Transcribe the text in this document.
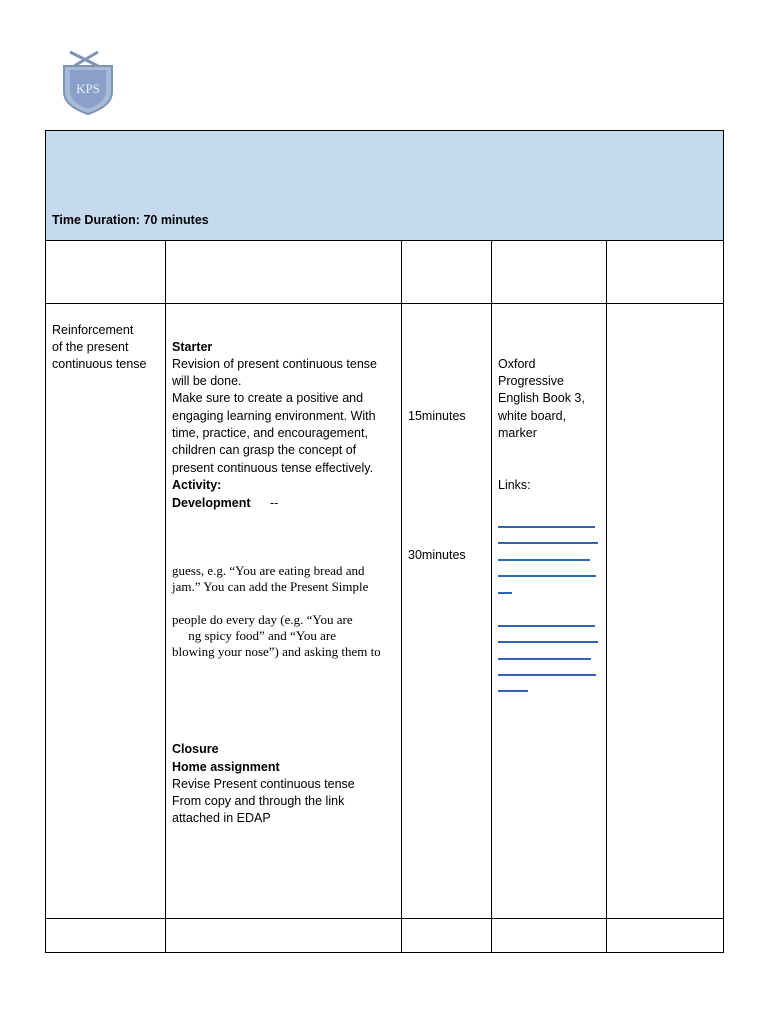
KPS
Time Duration: 70 minutes
Reinforcement
of the present
continuous tense
Starter
Revision of present continuous tense
will be done.
Make sure to create a positive and
engaging learning environment. With
time, practice, and encouragement,
children can grasp the concept of
present continuous tense effectively.
Activity:
Development --
guess, e.g. “You are eating bread and
jam.” You can add the Present Simple
people do every day (e.g. “You are
ng spicy food” and “You are
blowing your nose”) and asking them to
Closure
Home assignment
Revise Present continuous tense
From copy and through the link
attached in EDAP
15minutes
30minutes
Oxford
Progressive
English Book 3,
white board,
marker
Links:
